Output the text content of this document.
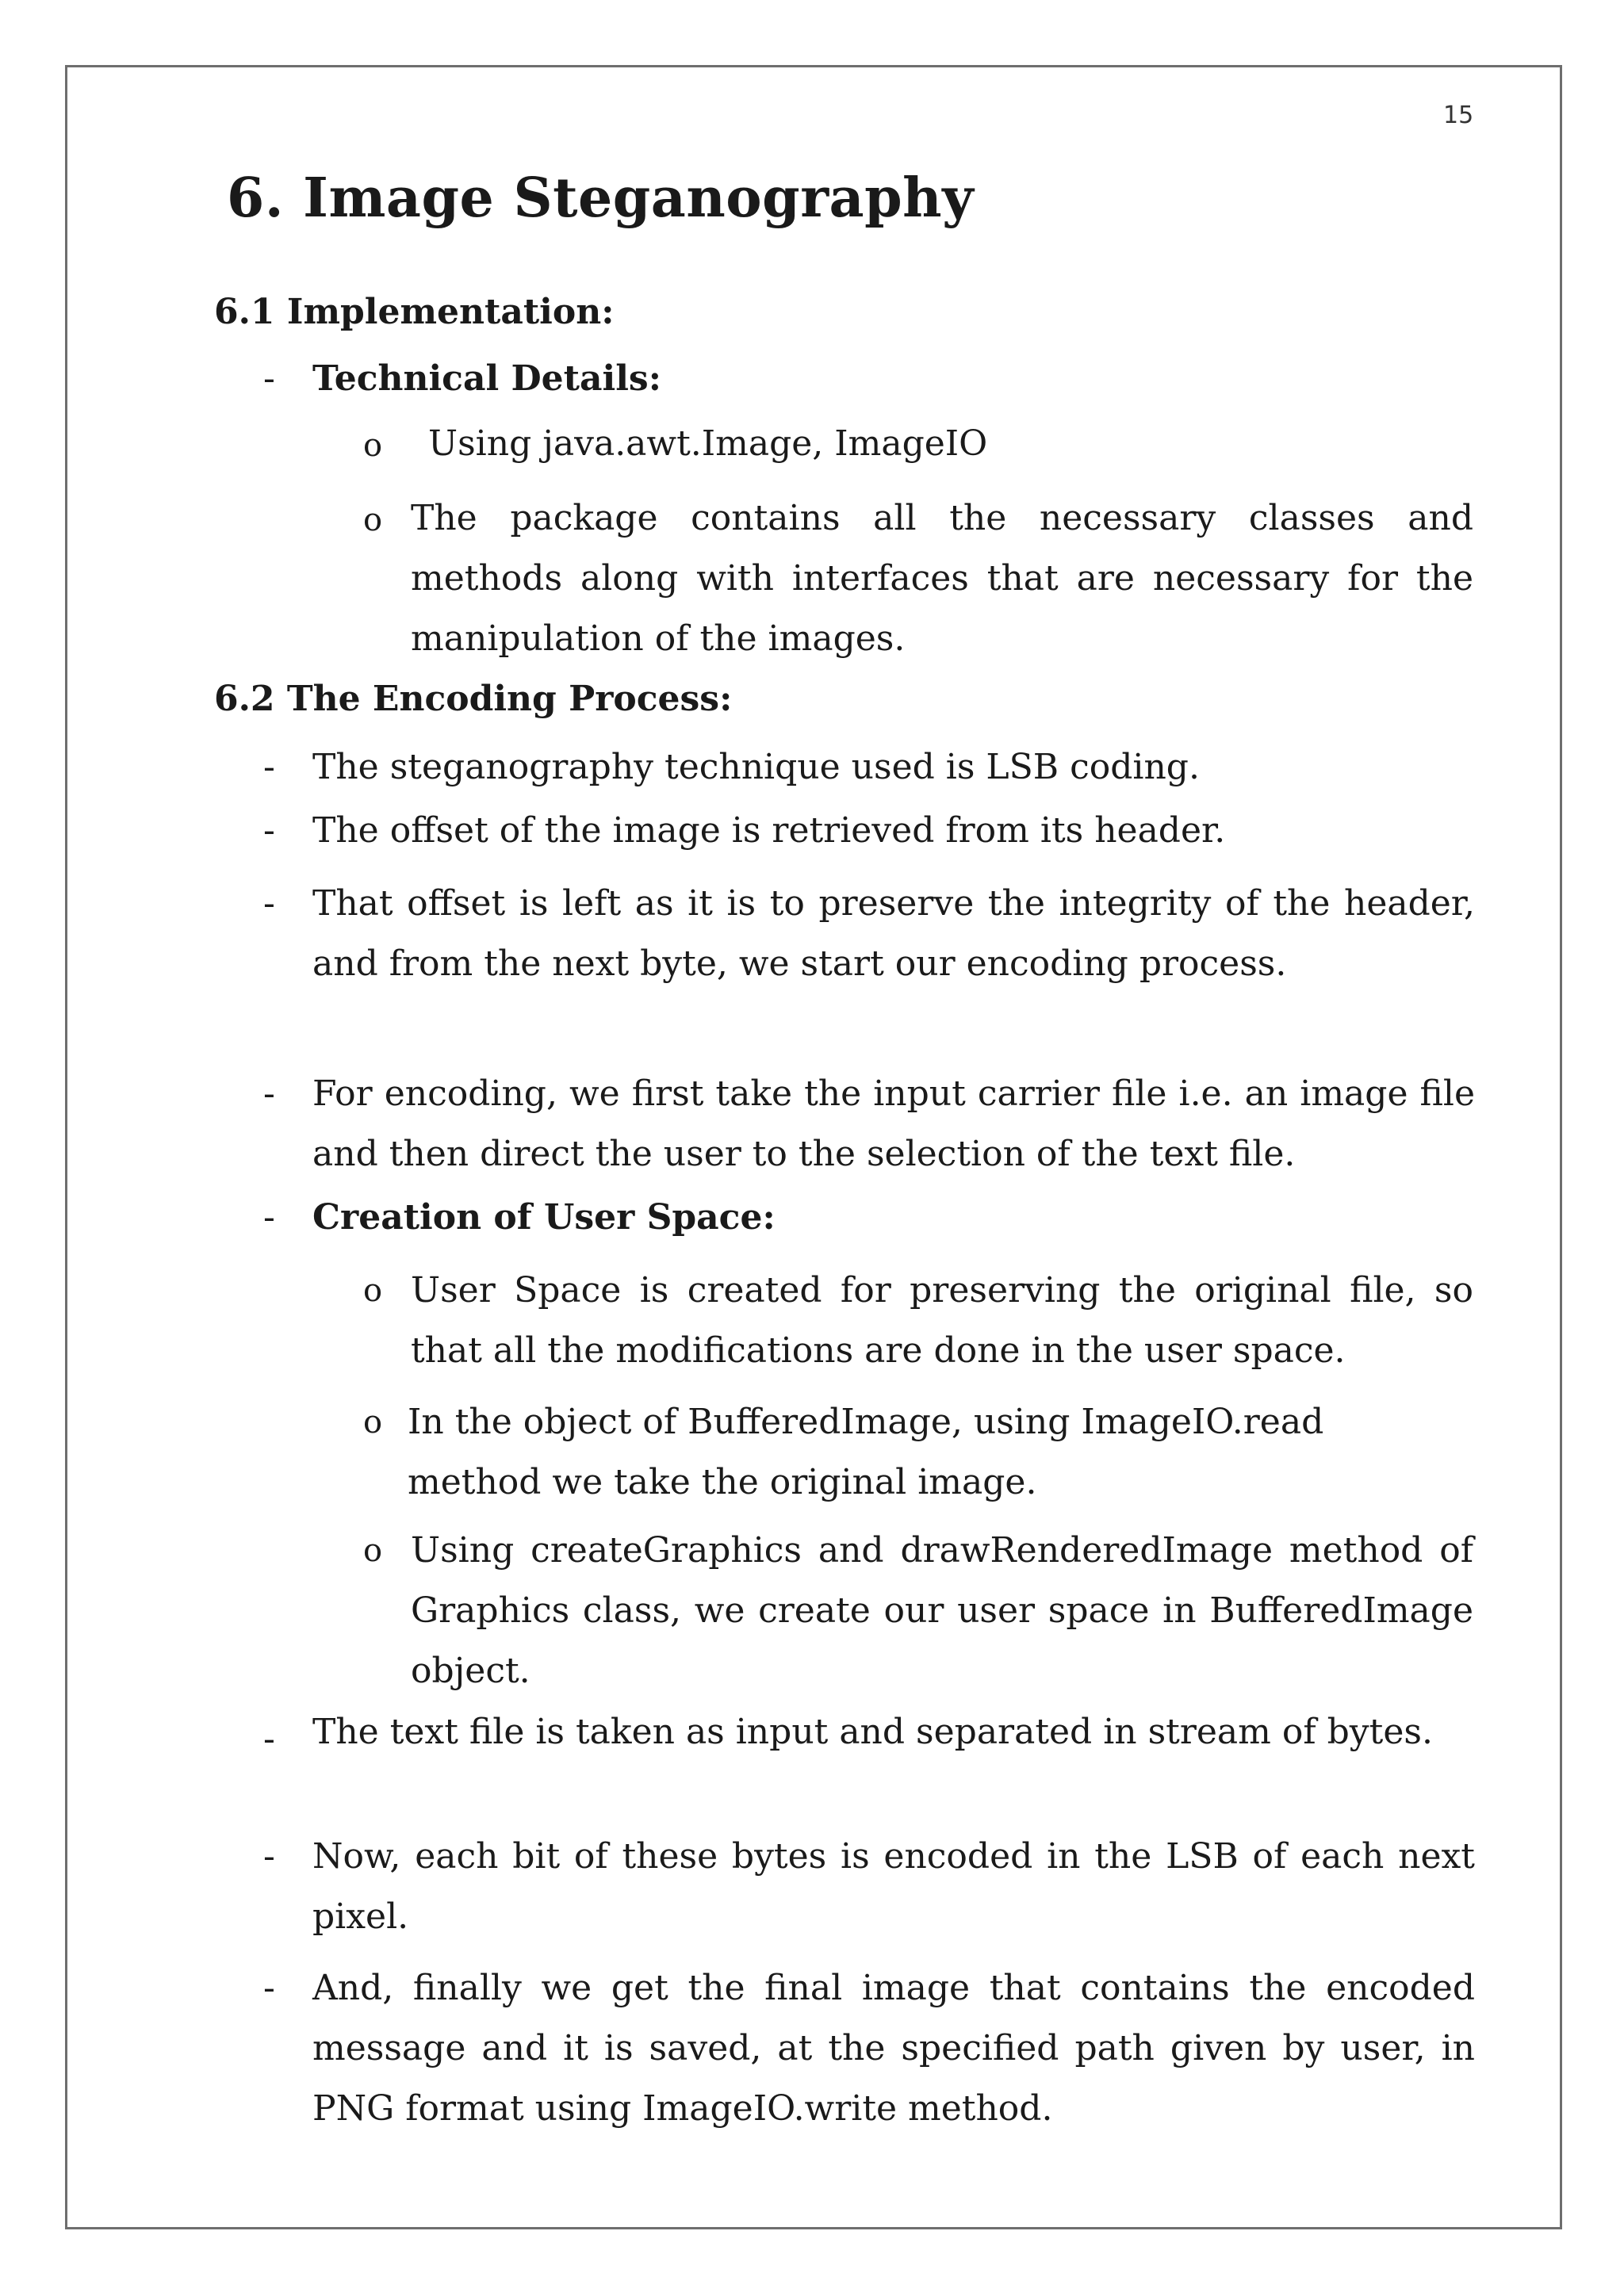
15
6. Image Steganography
6.1 Implementation:
-	Technical Details:
o Using java.awt.Image, ImageIO
o The package contains all the necessary classes and methods along with interfaces that are necessary for the manipulation of the images.
6.2 The Encoding Process:
-	The steganography technique used is LSB coding.
-	The offset of the image is retrieved from its header.
-	That offset is left as it is to preserve the integrity of the header, and from the next byte, we start our encoding process.
-	For encoding, we first take the input carrier file i.e. an image file and then direct the user to the selection of the text file.
-	Creation of User Space:
o User Space is created for preserving the original file, so that all the modifications are done in the user space.
o In the object of BufferedImage, using ImageIO.read method we take the original image.
o Using createGraphics and drawRenderedImage method of Graphics class, we create our user space in BufferedImage object.
-	The text file is taken as input and separated in stream of bytes.
-	Now, each bit of these bytes is encoded in the LSB of each next pixel.
-	And, finally we get the final image that contains the encoded message and it is saved, at the specified path given by user, in PNG format using ImageIO.write method.
